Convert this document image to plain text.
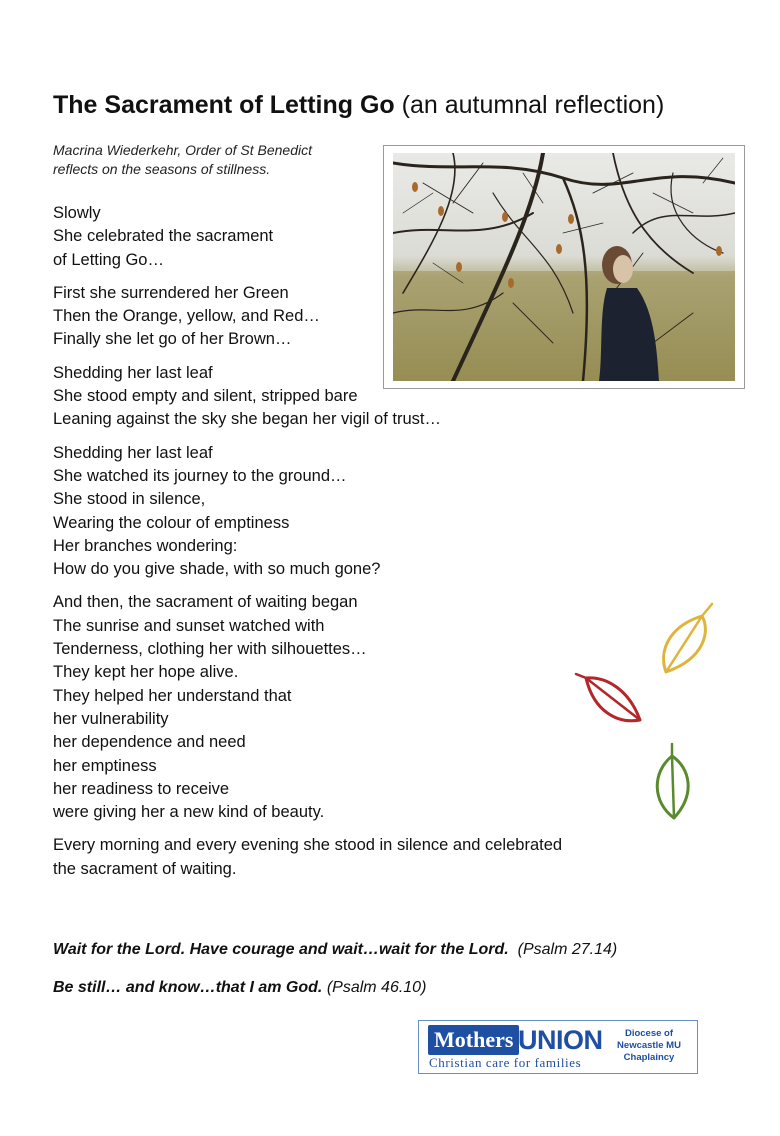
The Sacrament of Letting Go (an autumnal reflection)
Macrina Wiederkehr, Order of St Benedict
reflects on the seasons of stillness.
Slowly
She celebrated the sacrament
of Letting Go…
First she surrendered her Green
Then the Orange, yellow, and Red…
Finally she let go of her Brown…
Shedding her last leaf
She stood empty and silent, stripped bare
Leaning against the sky she began her vigil of trust…
Shedding her last leaf
She watched its journey to the ground…
She stood in silence,
Wearing the colour of emptiness
Her branches wondering:
How do you give shade, with so much gone?
And then, the sacrament of waiting began
The sunrise and sunset watched with
Tenderness, clothing her with silhouettes…
They kept her hope alive.
They helped her understand that
her vulnerability
her dependence and need
her emptiness
her readiness to receive
were giving her a new kind of beauty.
Every morning and every evening she stood in silence and celebrated
the sacrament of waiting.
Wait for the Lord. Have courage and wait…wait for the Lord. (Psalm 27.14)
Be still… and know…that I am God. (Psalm 46.10)
Mothers UNION
Christian care for families
Diocese of
Newcastle MU
Chaplaincy
